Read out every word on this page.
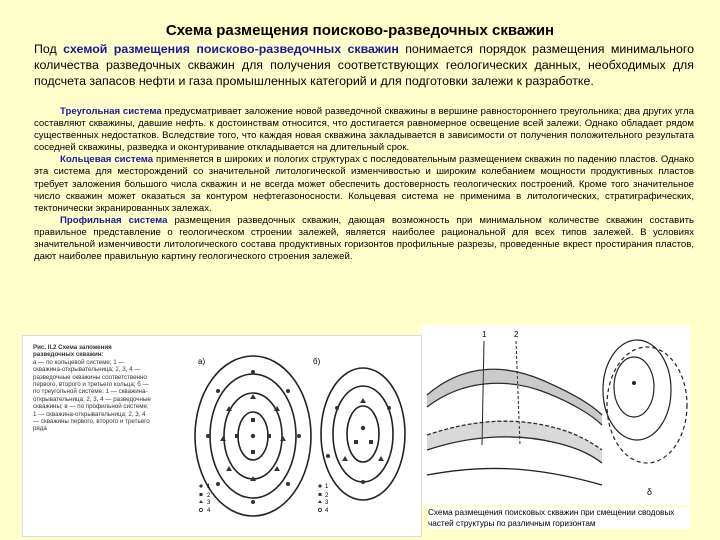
Схема размещения поисково-разведочных скважин
Под схемой размещения поисково-разведочных скважин понимается порядок размещения минимального количества разведочных скважин для получения соответствующих геологических данных, необходимых для подсчета запасов нефти и газа промышленных категорий и для подготовки залежи к разработке.

Треугольная система предусматривает заложение новой разведочной скважины в вершине равностороннего треугольника; два других угла составляют скважины, давшие нефть. к достоинствам относится, что достигается равномерное освещение всей залежи. Однако обладает рядом существенных недостатков. Вследствие того, что каждая новая скважина закладывается в зависимости от получения положительного результата соседней скважины, разведка и оконтуривание откладывается на длительный срок.

Кольцевая система применяется в широких и пологих структурах с последовательным размещением скважин по падению пластов. Однако эта система для месторождений со значительной литологической изменчивостью и широким колебанием мощности продуктивных пластов требует заложения большого числа скважин и не всегда может обеспечить достоверность геологических построений. Кроме того значительное число скважин может оказаться за контуром нефтегазоносности. Кольцевая система не применима в литологических, стратиграфических, тектонически экранированных залежах.

Профильная система размещения разведочных скважин, дающая возможность при минимальном количестве скважин составить правильное представление о геологическом строении залежей, является наиболее рациональной для всех типов залежей. В условиях значительной изменчивости литологического состава продуктивных горизонтов профильные разрезы, проведенные вкрест простирания пластов, дают наиболее правильную картину геологического строения залежей.

Рис. II.2 Схема заложения разведочных скважин:
а — по кольцевой системе; 1 — скважина-открывательница; 2, 3, 4 — разведочные скважины соответственно первого, второго и третьего кольца; б — по треугольной системе; 1 — скважина-открывательница; 2, 3, 4 — разведочные скважины; в — по профильной системе; 1 — скважина-открывательница; 2, 3, 4 — скважины первого, второго и третьего ряда
а)
1
2
3
4
б)
1
2
3
4
1	2
δ
Схема размещения поисковых скважин при смещении сводовых частей структуры по различным горизонтам
